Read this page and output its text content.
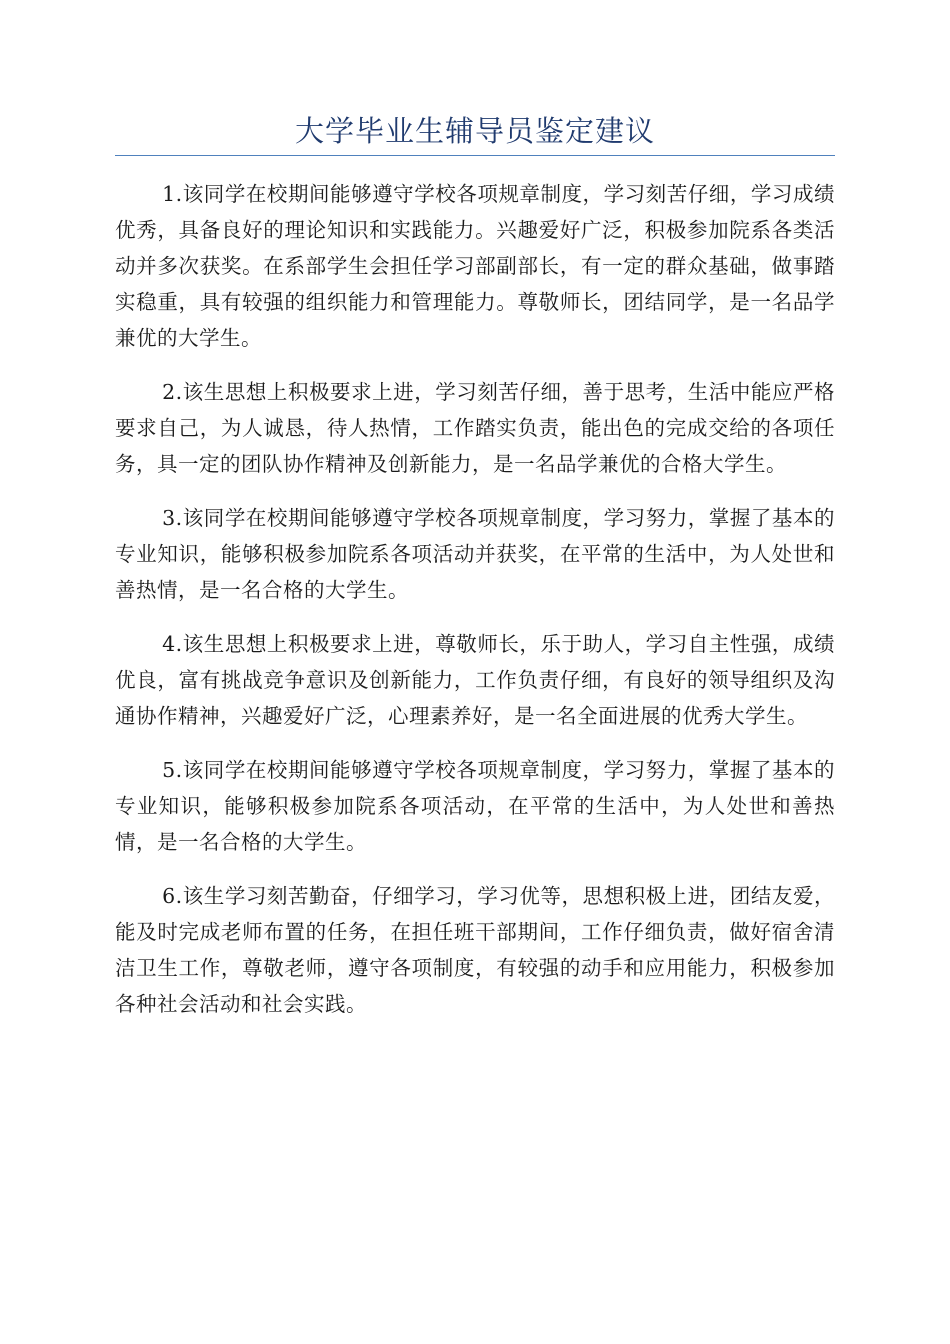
大学毕业生辅导员鉴定建议

1.该同学在校期间能够遵守学校各项规章制度，学习刻苦仔细，学习成绩优秀，具备良好的理论知识和实践能力。兴趣爱好广泛，积极参加院系各类活动并多次获奖。在系部学生会担任学习部副部长，有一定的群众基础，做事踏实稳重，具有较强的组织能力和管理能力。尊敬师长，团结同学，是一名品学兼优的大学生。

2.该生思想上积极要求上进，学习刻苦仔细，善于思考，生活中能应严格要求自己，为人诚恳，待人热情，工作踏实负责，能出色的完成交给的各项任务，具一定的团队协作精神及创新能力，是一名品学兼优的合格大学生。

3.该同学在校期间能够遵守学校各项规章制度，学习努力，掌握了基本的专业知识，能够积极参加院系各项活动并获奖，在平常的生活中，为人处世和善热情，是一名合格的大学生。

4.该生思想上积极要求上进，尊敬师长，乐于助人，学习自主性强，成绩优良，富有挑战竞争意识及创新能力，工作负责仔细，有良好的领导组织及沟通协作精神，兴趣爱好广泛，心理素养好，是一名全面进展的优秀大学生。

5.该同学在校期间能够遵守学校各项规章制度，学习努力，掌握了基本的专业知识，能够积极参加院系各项活动，在平常的生活中，为人处世和善热情，是一名合格的大学生。

6.该生学习刻苦勤奋，仔细学习，学习优等，思想积极上进，团结友爱，能及时完成老师布置的任务，在担任班干部期间，工作仔细负责，做好宿舍清洁卫生工作，尊敬老师，遵守各项制度，有较强的动手和应用能力，积极参加各种社会活动和社会实践。
